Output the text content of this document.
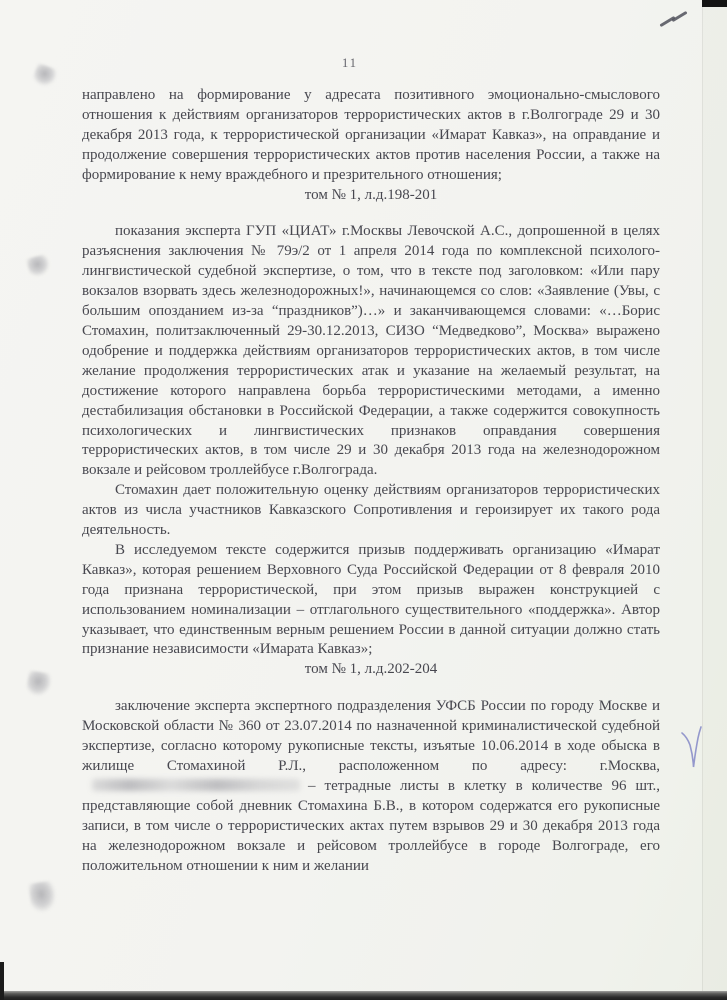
11

направлено на формирование у адресата позитивного эмоционально-смыслового отношения к действиям организаторов террористических актов в г.Волгограде 29 и 30 декабря 2013 года, к террористической организации «Имарат Кавказ», на оправдание и продолжение совершения террористических актов против населения России, а также на формирование к нему враждебного и презрительного отношения;

том № 1, л.д.198-201

показания эксперта ГУП «ЦИАТ» г.Москвы Левочской А.С., допрошенной в целях разъяснения заключения № 79э/2 от 1 апреля 2014 года по комплексной психолого-лингвистической судебной экспертизе, о том, что в тексте под заголовком: «Или пару вокзалов взорвать здесь железнодорожных!», начинающемся со слов: «Заявление (Увы, с большим опозданием из-за “праздников”)…» и заканчивающемся словами: «…Борис Стомахин, политзаключенный 29-30.12.2013, СИЗО “Медведково”, Москва» выражено одобрение и поддержка действиям организаторов террористических актов, в том числе желание продолжения террористических атак и указание на желаемый результат, на достижение которого направлена борьба террористическими методами, а именно дестабилизация обстановки в Российской Федерации, а также содержится совокупность психологических и лингвистических признаков оправдания совершения террористических актов, в том числе 29 и 30 декабря 2013 года на железнодорожном вокзале и рейсовом троллейбусе г.Волгограда.

Стомахин дает положительную оценку действиям организаторов террористических актов из числа участников Кавказского Сопротивления и героизирует их такого рода деятельность.

В исследуемом тексте содержится призыв поддерживать организацию «Имарат Кавказ», которая решением Верховного Суда Российской Федерации от 8 февраля 2010 года признана террористической, при этом призыв выражен конструкцией с использованием номинализации – отглагольного существительного «поддержка». Автор указывает, что единственным верным решением России в данной ситуации должно стать признание независимости «Имарата Кавказ»;

том № 1, л.д.202-204

заключение эксперта экспертного подразделения УФСБ России по городу Москве и Московской области № 360 от 23.07.2014 по назначенной криминалистической судебной экспертизе, согласно которому рукописные тексты, изъятые 10.06.2014 в ходе обыска в жилище Стомахиной Р.Л., расположенном по адресу: г.Москва,– тетрадные листы в клетку в количестве 96 шт., представляющие собой дневник Стомахина Б.В., в котором содержатся его рукописные записи, в том числе о террористических актах путем взрывов 29 и 30 декабря 2013 года на железнодорожном вокзале и рейсовом троллейбусе в городе Волгограде, его положительном отношении к ним и желании
